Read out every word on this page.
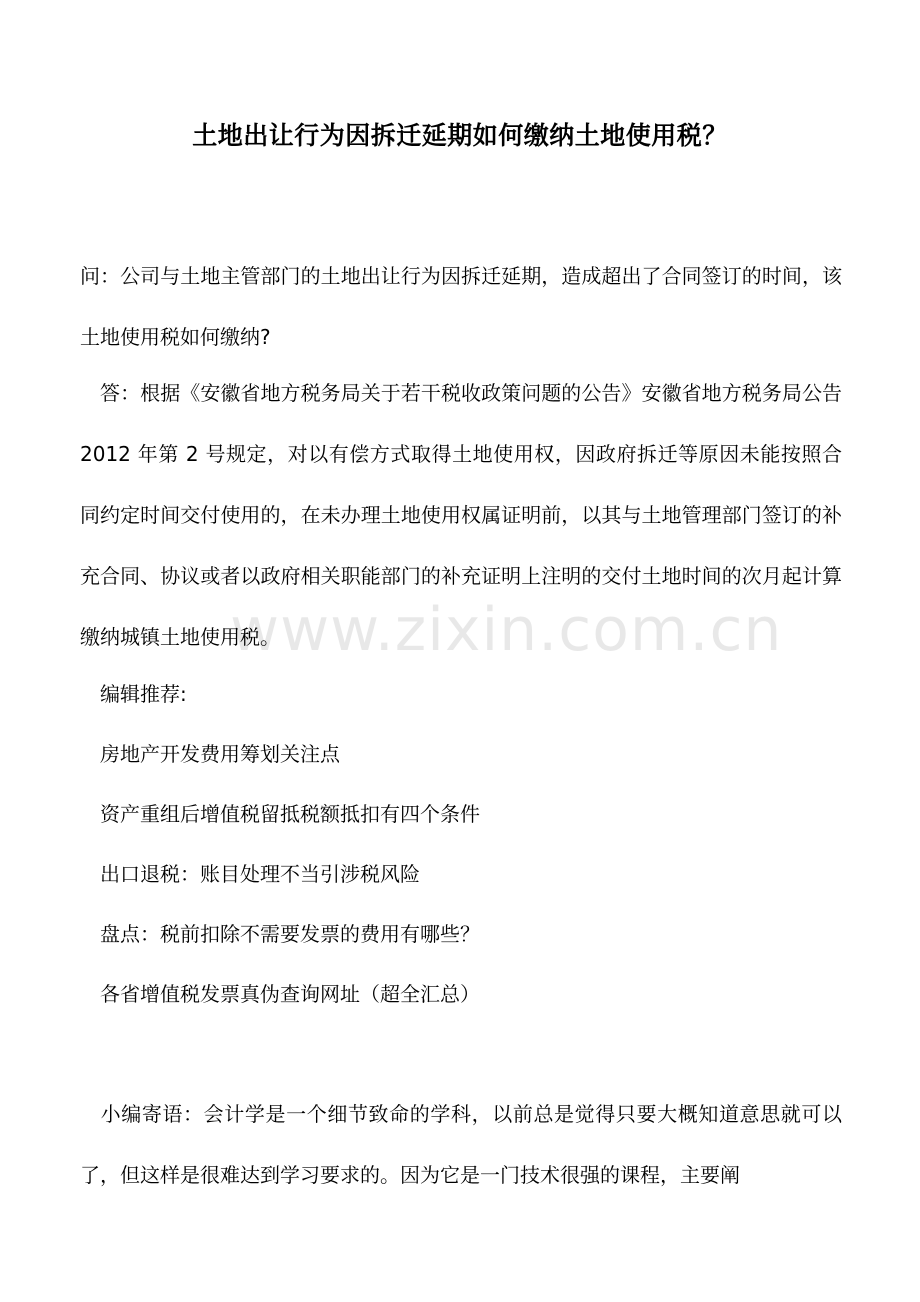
土地出让行为因拆迁延期如何缴纳土地使用税？

问：公司与土地主管部门的土地出让行为因拆迁延期，造成超出了合同签订的时间，该土地使用税如何缴纳?

答：根据《安徽省地方税务局关于若干税收政策问题的公告》安徽省地方税务局公告 2012 年第 2 号规定，对以有偿方式取得土地使用权，因政府拆迁等原因未能按照合同约定时间交付使用的，在未办理土地使用权属证明前，以其与土地管理部门签订的补充合同、协议或者以政府相关职能部门的补充证明上注明的交付土地时间的次月起计算缴纳城镇土地使用税。

编辑推荐:

房地产开发费用筹划关注点
资产重组后增值税留抵税额抵扣有四个条件
出口退税：账目处理不当引涉税风险
盘点：税前扣除不需要发票的费用有哪些？
各省增值税发票真伪查询网址（超全汇总）

小编寄语：会计学是一个细节致命的学科，以前总是觉得只要大概知道意思就可以了，但这样是很难达到学习要求的。因为它是一门技术很强的课程，主要阐

www.zixin.com.cn
